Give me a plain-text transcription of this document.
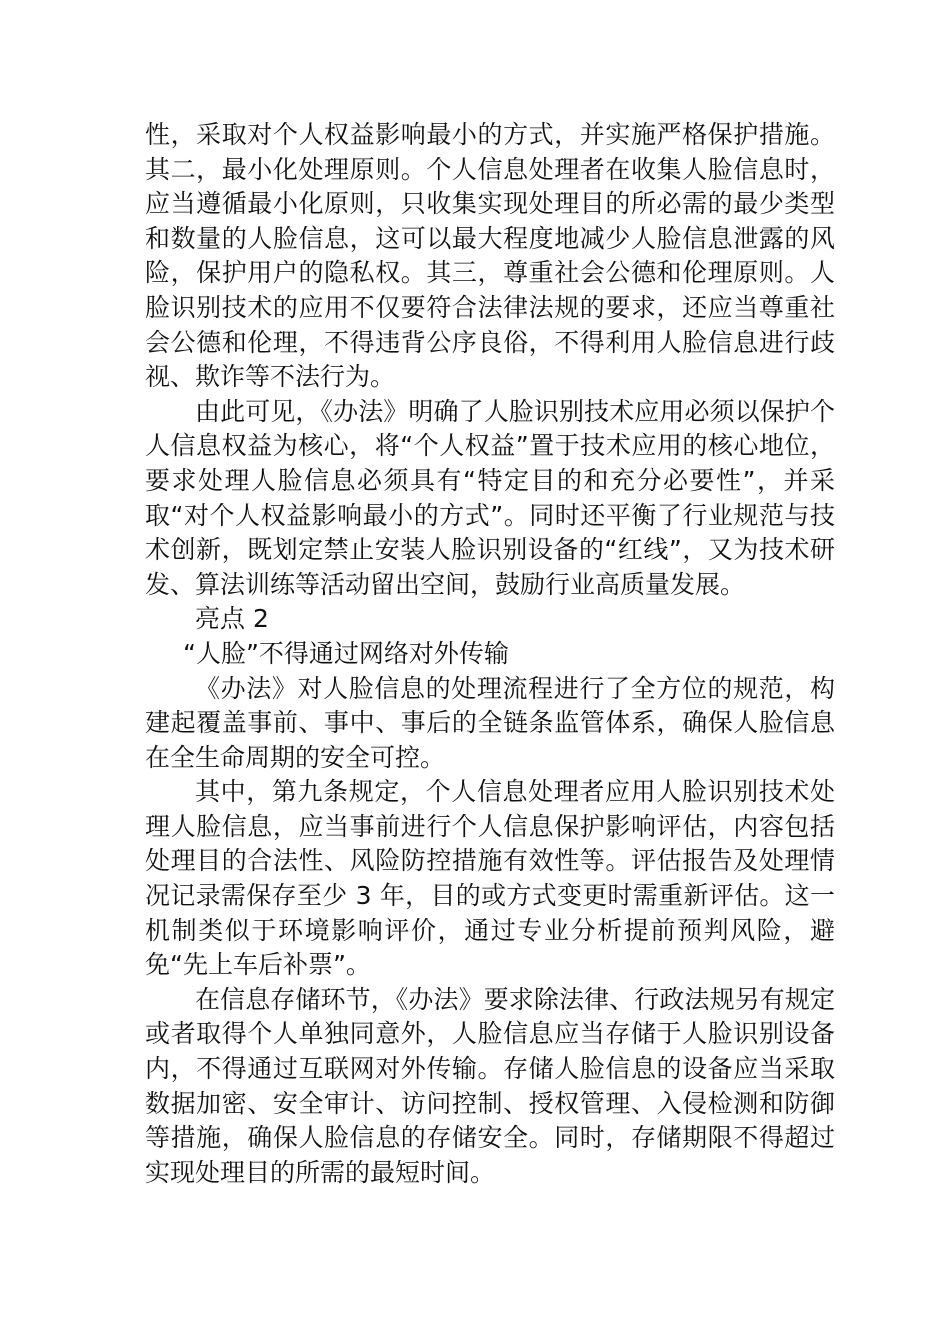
性，采取对个人权益影响最小的方式，并实施严格保护措施。其二，最小化处理原则。个人信息处理者在收集人脸信息时，应当遵循最小化原则，只收集实现处理目的所必需的最少类型和数量的人脸信息，这可以最大程度地减少人脸信息泄露的风险，保护用户的隐私权。其三，尊重社会公德和伦理原则。人脸识别技术的应用不仅要符合法律法规的要求，还应当尊重社会公德和伦理，不得违背公序良俗，不得利用人脸信息进行歧视、欺诈等不法行为。

由此可见，《办法》明确了人脸识别技术应用必须以保护个人信息权益为核心，将“个人权益”置于技术应用的核心地位，要求处理人脸信息必须具有“特定目的和充分必要性”，并采取“对个人权益影响最小的方式”。同时还平衡了行业规范与技术创新，既划定禁止安装人脸识别设备的“红线”，又为技术研发、算法训练等活动留出空间，鼓励行业高质量发展。

亮点 2

“人脸”不得通过网络对外传输

《办法》对人脸信息的处理流程进行了全方位的规范，构建起覆盖事前、事中、事后的全链条监管体系，确保人脸信息在全生命周期的安全可控。

其中，第九条规定，个人信息处理者应用人脸识别技术处理人脸信息，应当事前进行个人信息保护影响评估，内容包括处理目的合法性、风险防控措施有效性等。评估报告及处理情况记录需保存至少 3 年，目的或方式变更时需重新评估。这一机制类似于环境影响评价，通过专业分析提前预判风险，避免“先上车后补票”。

在信息存储环节，《办法》要求除法律、行政法规另有规定或者取得个人单独同意外，人脸信息应当存储于人脸识别设备内，不得通过互联网对外传输。存储人脸信息的设备应当采取数据加密、安全审计、访问控制、授权管理、入侵检测和防御等措施，确保人脸信息的存储安全。同时，存储期限不得超过实现处理目的所需的最短时间。
